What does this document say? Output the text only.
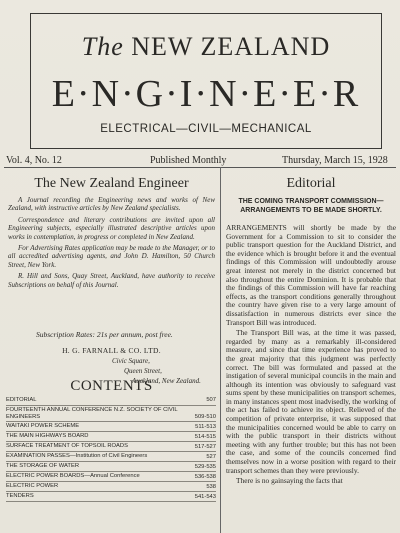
The NEW ZEALAND
E·N·G·I·N·E·E·R
ELECTRICAL—CIVIL—MECHANICAL
Vol. 4, No. 12	Published Monthly	Thursday, March 15, 1928
The New Zealand Engineer

A Journal recording the Engineering news and works of New Zealand, with instructive articles by New Zealand specialists.

Correspondence and literary contributions are invited upon all Engineering subjects, especially illustrated descriptive articles upon works in contemplation, in progress or completed in New Zealand.

For Advertising Rates application may be made to the Manager, or to all accredited advertising agents, and John D. Hamilton, 50 Church Street, New York.

R. Hill and Sons, Quay Street, Auckland, have authority to receive Subscriptions on behalf of this Journal.

Subscription Rates: 21s per annum, post free.
H. G. FARNALL & CO. LTD.
Civic Square,
Queen Street,
Auckland, New Zealand.
CONTENTS
EDITORIAL	507
FOURTEENTH ANNUAL CONFERENCE N.Z. SOCIETY OF CIVIL ENGINEERS	509-510
WAITAKI POWER SCHEME	511-513
THE MAIN HIGHWAYS BOARD	514-515
SURFACE TREATMENT OF TOPSOIL ROADS	517-527
EXAMINATION PASSES—Institution of Civil Engineers	527
THE STORAGE OF WATER	529-535
ELECTRIC POWER BOARDS—Annual Conference	536-538
ELECTRIC POWER	538
TENDERS	541-543
Editorial
THE COMING TRANSPORT COMMISSION—ARRANGEMENTS TO BE MADE SHORTLY.

ARRANGEMENTS will shortly be made by the Government for a Commission to sit to consider the public transport question for the Auckland District, and the evidence which is brought before it and the eventual findings of this Commission will undoubtedly arouse great interest not merely in the district concerned but also throughout the entire Dominion. It is probable that the findings of this Commission will have far reaching effects, as the transport conditions generally throughout the country have given rise to a very large amount of dissatisfaction in numerous districts ever since the Transport Bill was introduced.

The Transport Bill was, at the time it was passed, regarded by many as a remarkably ill-considered measure, and since that time experience has proved to the great majority that this judgment was perfectly correct. The bill was formulated and passed at the instigation of several municipal councils in the main and although its intention was obviously to safeguard vast sums spent by these municipalities on transport schemes, in many instances spent most inadvisedly, the working of the act has failed to achieve its object. Relieved of the competition of private enterprise, it was supposed that the municipalities concerned would be able to carry on with the public transport in their districts without meeting with any further trouble; but this has not been the case, and some of the councils concerned find themselves now in a worse position with regard to their transport schemes than they were previously.

There is no gainsaying the facts that
